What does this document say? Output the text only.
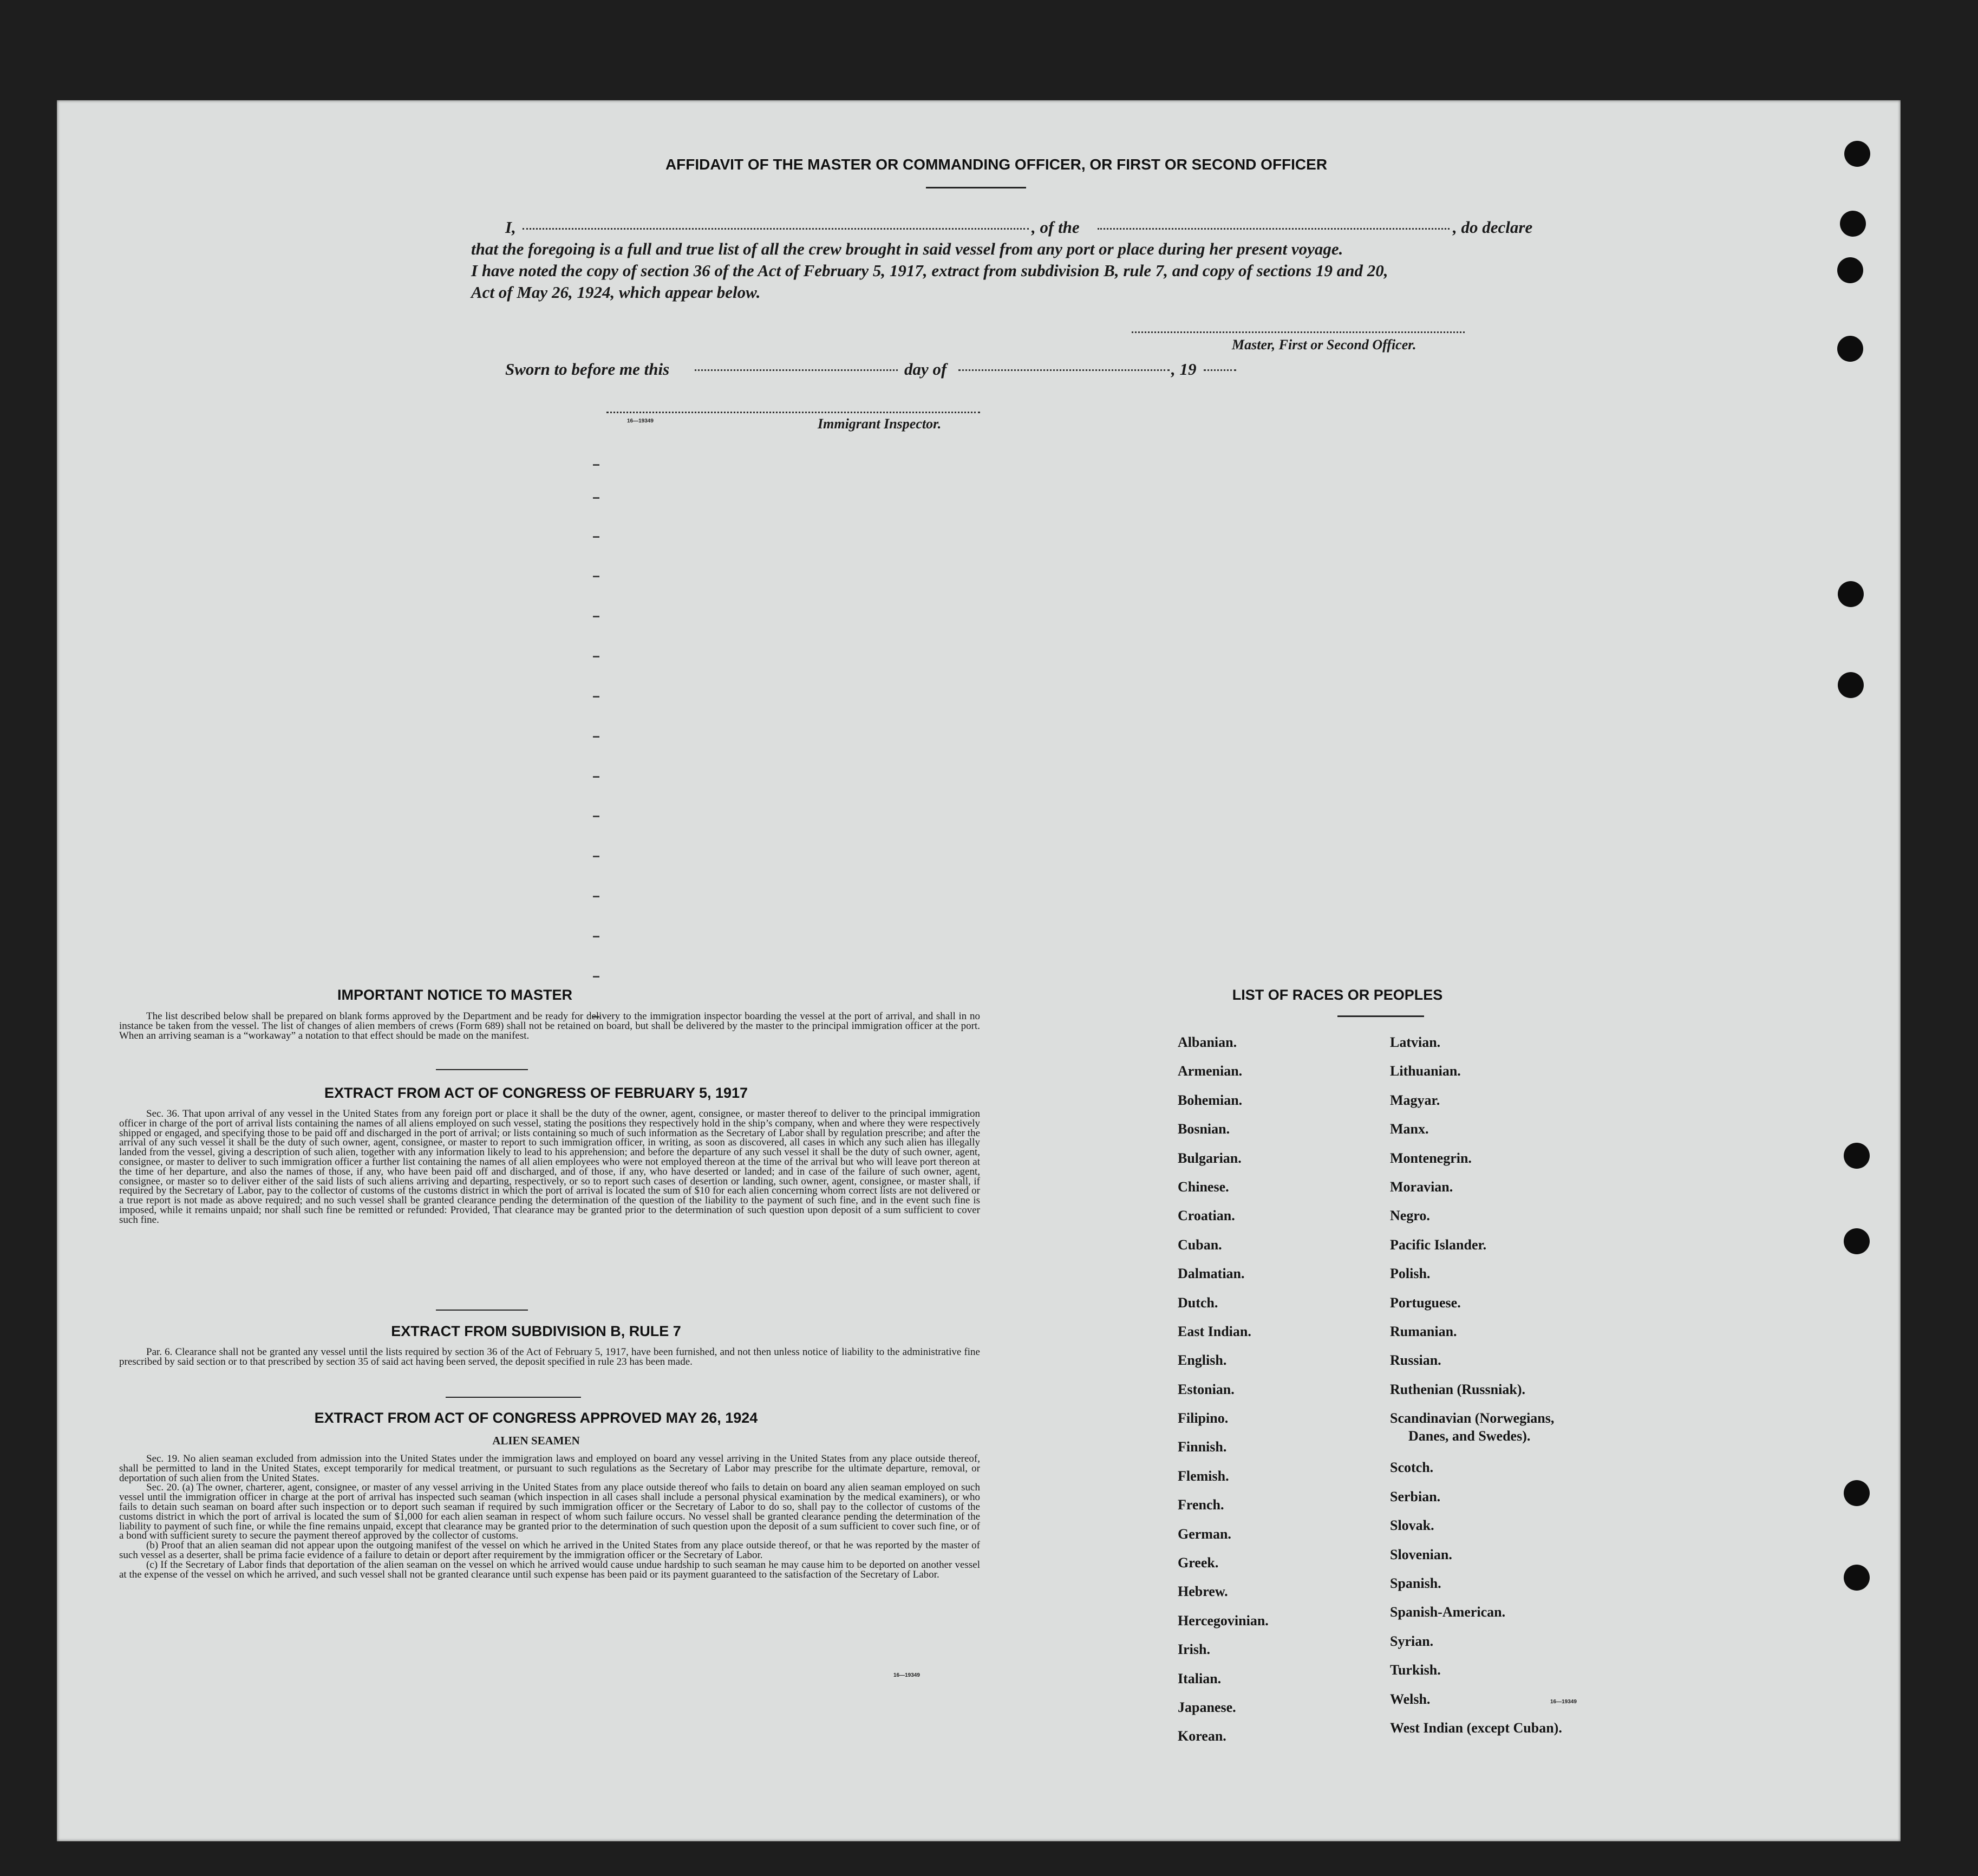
AFFIDAVIT OF THE MASTER OR COMMANDING OFFICER, OR FIRST OR SECOND OFFICER
I,	, of the	, do declare
that the foregoing is a full and true list of all the crew brought in said vessel from any port or place during her present voyage.
I have noted the copy of section 36 of the Act of February 5, 1917, extract from subdivision B, rule 7, and copy of sections 19 and 20,
Act of May 26, 1924, which appear below.
Master, First or Second Officer.
Sworn to before me this	day of	, 19
16—19349	Immigrant Inspector.
IMPORTANT NOTICE TO MASTER
The list described below shall be prepared on blank forms approved by the Department and be ready for delivery to the immigration inspector boarding the vessel at the port of arrival, and shall in no instance be taken from the vessel. The list of changes of alien members of crews (Form 689) shall not be retained on board, but shall be delivered by the master to the principal immigration officer at the port. When an arriving seaman is a “workaway” a notation to that effect should be made on the manifest.
EXTRACT FROM ACT OF CONGRESS OF FEBRUARY 5, 1917
Sec. 36. That upon arrival of any vessel in the United States from any foreign port or place it shall be the duty of the owner, agent, consignee, or master thereof to deliver to the principal immigration officer in charge of the port of arrival lists containing the names of all aliens employed on such vessel, stating the positions they respectively hold in the ship’s company, when and where they were respectively shipped or engaged, and specifying those to be paid off and discharged in the port of arrival; or lists containing so much of such information as the Secretary of Labor shall by regulation prescribe; and after the arrival of any such vessel it shall be the duty of such owner, agent, consignee, or master to report to such immigration officer, in writing, as soon as discovered, all cases in which any such alien has illegally landed from the vessel, giving a description of such alien, together with any information likely to lead to his apprehension; and before the departure of any such vessel it shall be the duty of such owner, agent, consignee, or master to deliver to such immigration officer a further list containing the names of all alien employees who were not employed thereon at the time of the arrival but who will leave port thereon at the time of her departure, and also the names of those, if any, who have been paid off and discharged, and of those, if any, who have deserted or landed; and in case of the failure of such owner, agent, consignee, or master so to deliver either of the said lists of such aliens arriving and departing, respectively, or so to report such cases of desertion or landing, such owner, agent, consignee, or master shall, if required by the Secretary of Labor, pay to the collector of customs of the customs district in which the port of arrival is located the sum of $10 for each alien concerning whom correct lists are not delivered or a true report is not made as above required; and no such vessel shall be granted clearance pending the determination of the question of the liability to the payment of such fine, and in the event such fine is imposed, while it remains unpaid; nor shall such fine be remitted or refunded: Provided, That clearance may be granted prior to the determination of such question upon deposit of a sum sufficient to cover such fine.
EXTRACT FROM SUBDIVISION B, RULE 7
Par. 6. Clearance shall not be granted any vessel until the lists required by section 36 of the Act of February 5, 1917, have been furnished, and not then unless notice of liability to the administrative fine prescribed by said section or to that prescribed by section 35 of said act having been served, the deposit specified in rule 23 has been made.
EXTRACT FROM ACT OF CONGRESS APPROVED MAY 26, 1924
ALIEN SEAMEN
Sec. 19. No alien seaman excluded from admission into the United States under the immigration laws and employed on board any vessel arriving in the United States from any place outside thereof, shall be permitted to land in the United States, except temporarily for medical treatment, or pursuant to such regulations as the Secretary of Labor may prescribe for the ultimate departure, removal, or deportation of such alien from the United States.
Sec. 20. (a) The owner, charterer, agent, consignee, or master of any vessel arriving in the United States from any place outside thereof who fails to detain on board any alien seaman employed on such vessel until the immigration officer in charge at the port of arrival has inspected such seaman (which inspection in all cases shall include a personal physical examination by the medical examiners), or who fails to detain such seaman on board after such inspection or to deport such seaman if required by such immigration officer or the Secretary of Labor to do so, shall pay to the collector of customs of the customs district in which the port of arrival is located the sum of $1,000 for each alien seaman in respect of whom such failure occurs. No vessel shall be granted clearance pending the determination of the liability to payment of such fine, or while the fine remains unpaid, except that clearance may be granted prior to the determination of such question upon the deposit of a sum sufficient to cover such fine, or of a bond with sufficient surety to secure the payment thereof approved by the collector of customs.
(b) Proof that an alien seaman did not appear upon the outgoing manifest of the vessel on which he arrived in the United States from any place outside thereof, or that he was reported by the master of such vessel as a deserter, shall be prima facie evidence of a failure to detain or deport after requirement by the immigration officer or the Secretary of Labor.
(c) If the Secretary of Labor finds that deportation of the alien seaman on the vessel on which he arrived would cause undue hardship to such seaman he may cause him to be deported on another vessel at the expense of the vessel on which he arrived, and such vessel shall not be granted clearance until such expense has been paid or its payment guaranteed to the satisfaction of the Secretary of Labor.
16—19349
LIST OF RACES OR PEOPLES
Albanian.
Armenian.
Bohemian.
Bosnian.
Bulgarian.
Chinese.
Croatian.
Cuban.
Dalmatian.
Dutch.
East Indian.
English.
Estonian.
Filipino.
Finnish.
Flemish.
French.
German.
Greek.
Hebrew.
Hercegovinian.
Irish.
Italian.
Japanese.
Korean.
Latvian.
Lithuanian.
Magyar.
Manx.
Montenegrin.
Moravian.
Negro.
Pacific Islander.
Polish.
Portuguese.
Rumanian.
Russian.
Ruthenian (Russniak).
Scandinavian (Norwegians,
Danes, and Swedes).
Scotch.
Serbian.
Slovak.
Slovenian.
Spanish.
Spanish-American.
Syrian.
Turkish.
Welsh.
West Indian (except Cuban).
16—19349
